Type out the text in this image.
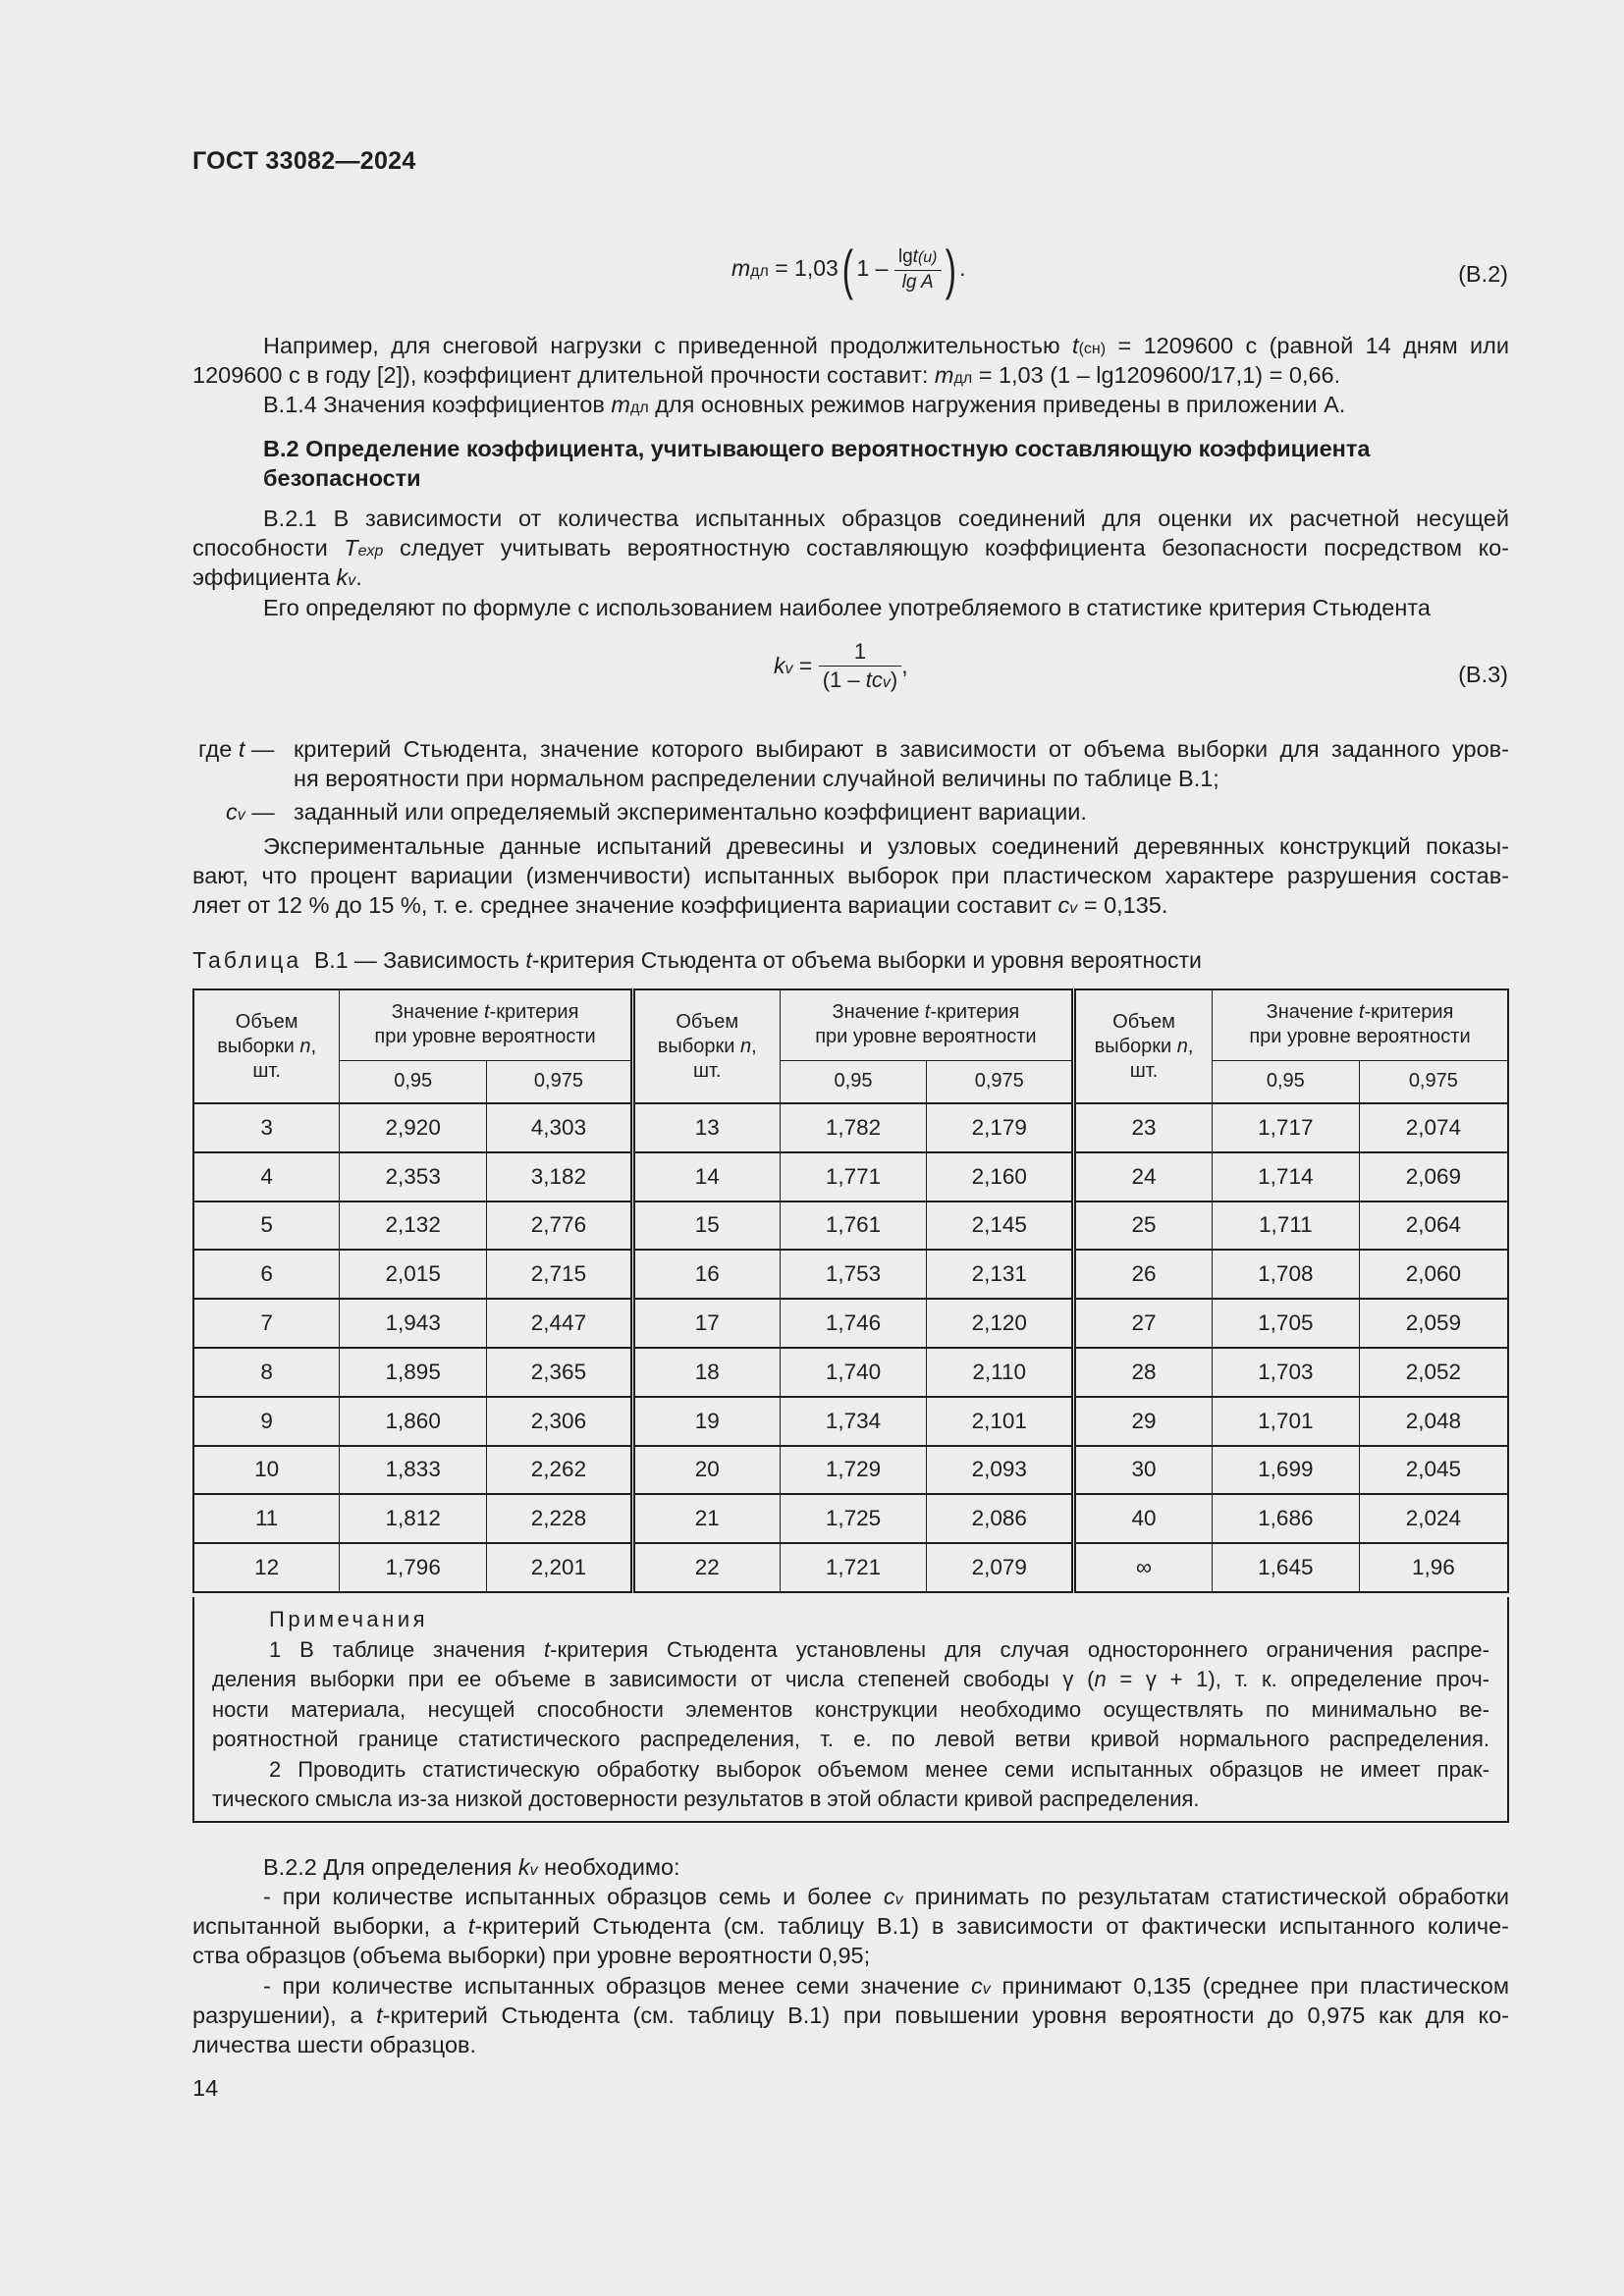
ГОСТ 33082—2024
mдл = 1,03( $1 - \frac{\lg t(u)}{\text{lg A}}$ ) .	(В.2)
Например, для снеговой нагрузки с приведенной продолжительностью t(сн) = 1209600 с (равной 14 дням или
1209600 с в году [2]), коэффициент длительной прочности составит: mдл = 1,03 (1 – lg1209600/17,1) = 0,66.
В.1.4 Значения коэффициентов mдл для основных режимов нагружения приведены в приложении А.
В.2 Определение коэффициента, учитывающего вероятностную составляющую коэффициента
безопасности
В.2.1 В зависимости от количества испытанных образцов соединений для оценки их расчетной несущей
способности Texp следует учитывать вероятностную составляющую коэффициента безопасности посредством ко-
эффициента kv.
Его определяют по формуле с использованием наиболее употребляемого в статистике критерия Стьюдента
kv = $\frac{1}{\text{(1 – tcv)}}$ ,	(В.3)
где t — критерий Стьюдента, значение которого выбирают в зависимости от объема выборки для заданного уров-
ня вероятности при нормальном распределении случайной величины по таблице В.1;
cv — заданный или определяемый экспериментально коэффициент вариации.
Экспериментальные данные испытаний древесины и узловых соединений деревянных конструкций показы-
вают, что процент вариации (изменчивости) испытанных выборок при пластическом характере разрушения состав-
ляет от 12 % до 15 %, т. е. среднее значение коэффициента вариации составит cv = 0,135.
Таблица В.1 — Зависимость t-критерия Стьюдента от объема выборки и уровня вероятности
Объем
выборки n,
шт.	Значение t-критерия
при уровне вероятности		Объем
выборки n,
шт.	Значение t-критерия
при уровне вероятности		Объем
выборки n,
шт.	Значение t-критерия
при уровне вероятности	
	0,95	0,975		0,95	0,975		0,95	0,975
3	2,920	4,303	13	1,782	2,179	23	1,717	2,074
4	2,353	3,182	14	1,771	2,160	24	1,714	2,069
5	2,132	2,776	15	1,761	2,145	25	1,711	2,064
6	2,015	2,715	16	1,753	2,131	26	1,708	2,060
7	1,943	2,447	17	1,746	2,120	27	1,705	2,059
8	1,895	2,365	18	1,740	2,110	28	1,703	2,052
9	1,860	2,306	19	1,734	2,101	29	1,701	2,048
10	1,833	2,262	20	1,729	2,093	30	1,699	2,045
11	1,812	2,228	21	1,725	2,086	40	1,686	2,024
12	1,796	2,201	22	1,721	2,079	∞	1,645	1,96
Примечания
1 В таблице значения t-критерия Стьюдента установлены для случая одностороннего ограничения распре-
деления выборки при ее объеме в зависимости от числа степеней свободы γ (n = γ + 1), т. к. определение проч-
ности материала, несущей способности элементов конструкции необходимо осуществлять по минимально ве-
роятностной границе статистического распределения, т. е. по левой ветви кривой нормального распределения.
2 Проводить статистическую обработку выборок объемом менее семи испытанных образцов не имеет прак-
тического смысла из-за низкой достоверности результатов в этой области кривой распределения.
В.2.2 Для определения kv необходимо:
- при количестве испытанных образцов семь и более cv принимать по результатам статистической обработки
испытанной выборки, а t-критерий Стьюдента (см. таблицу В.1) в зависимости от фактически испытанного количе-
ства образцов (объема выборки) при уровне вероятности 0,95;
- при количестве испытанных образцов менее семи значение cv принимают 0,135 (среднее при пластическом
разрушении), а t-критерий Стьюдента (см. таблицу В.1) при повышении уровня вероятности до 0,975 как для ко-
личества шести образцов.
14
